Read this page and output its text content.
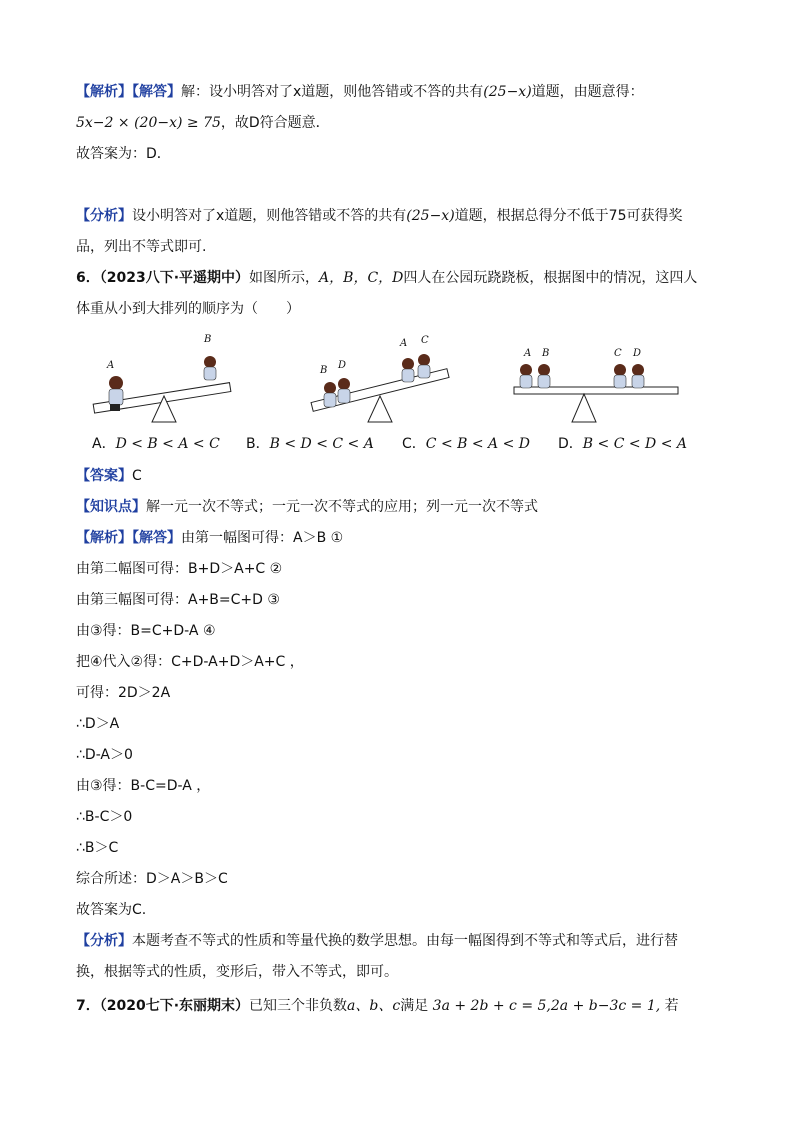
【解析】【解答】解：设小明答对了x道题，则他答错或不答的共有(25−x)道题，由题意得：
5x−2 × (20−x) ≥ 75，故D符合题意．
故答案为：D．
【分析】设小明答对了x道题，则他答错或不答的共有(25−x)道题，根据总得分不低于75可获得奖
品，列出不等式即可.
6．（2023八下·平遥期中）如图所示，A，B，C，D四人在公园玩跷跷板，根据图中的情况，这四人
体重从小到大排列的顺序为（　　）
A
B
B D
A C
A B	C D
A．D < B < A < C B．B < D < C < A C．C < B < A < D D．B < C < D < A
【答案】C
【知识点】解一元一次不等式；一元一次不等式的应用；列一元一次不等式
【解析】【解答】由第一幅图可得：A＞B ①
由第二幅图可得：B+D＞A+C ②
由第三幅图可得：A+B=C+D ③
由③得：B=C+D-A ④
把④代入②得：C+D-A+D＞A+C ，
可得：2D＞2A
∴D＞A
∴D-A＞0
由③得：B-C=D-A ，
∴B-C＞0
∴B＞C
综合所述：D＞A＞B＞C
故答案为C.
【分析】本题考查不等式的性质和等量代换的数学思想。由每一幅图得到不等式和等式后，进行替
换，根据等式的性质，变形后，带入不等式，即可。
7．（2020七下·东丽期末）已知三个非负数a、b、c满足 3a + 2b + c = 5,2a + b−3c = 1, 若
